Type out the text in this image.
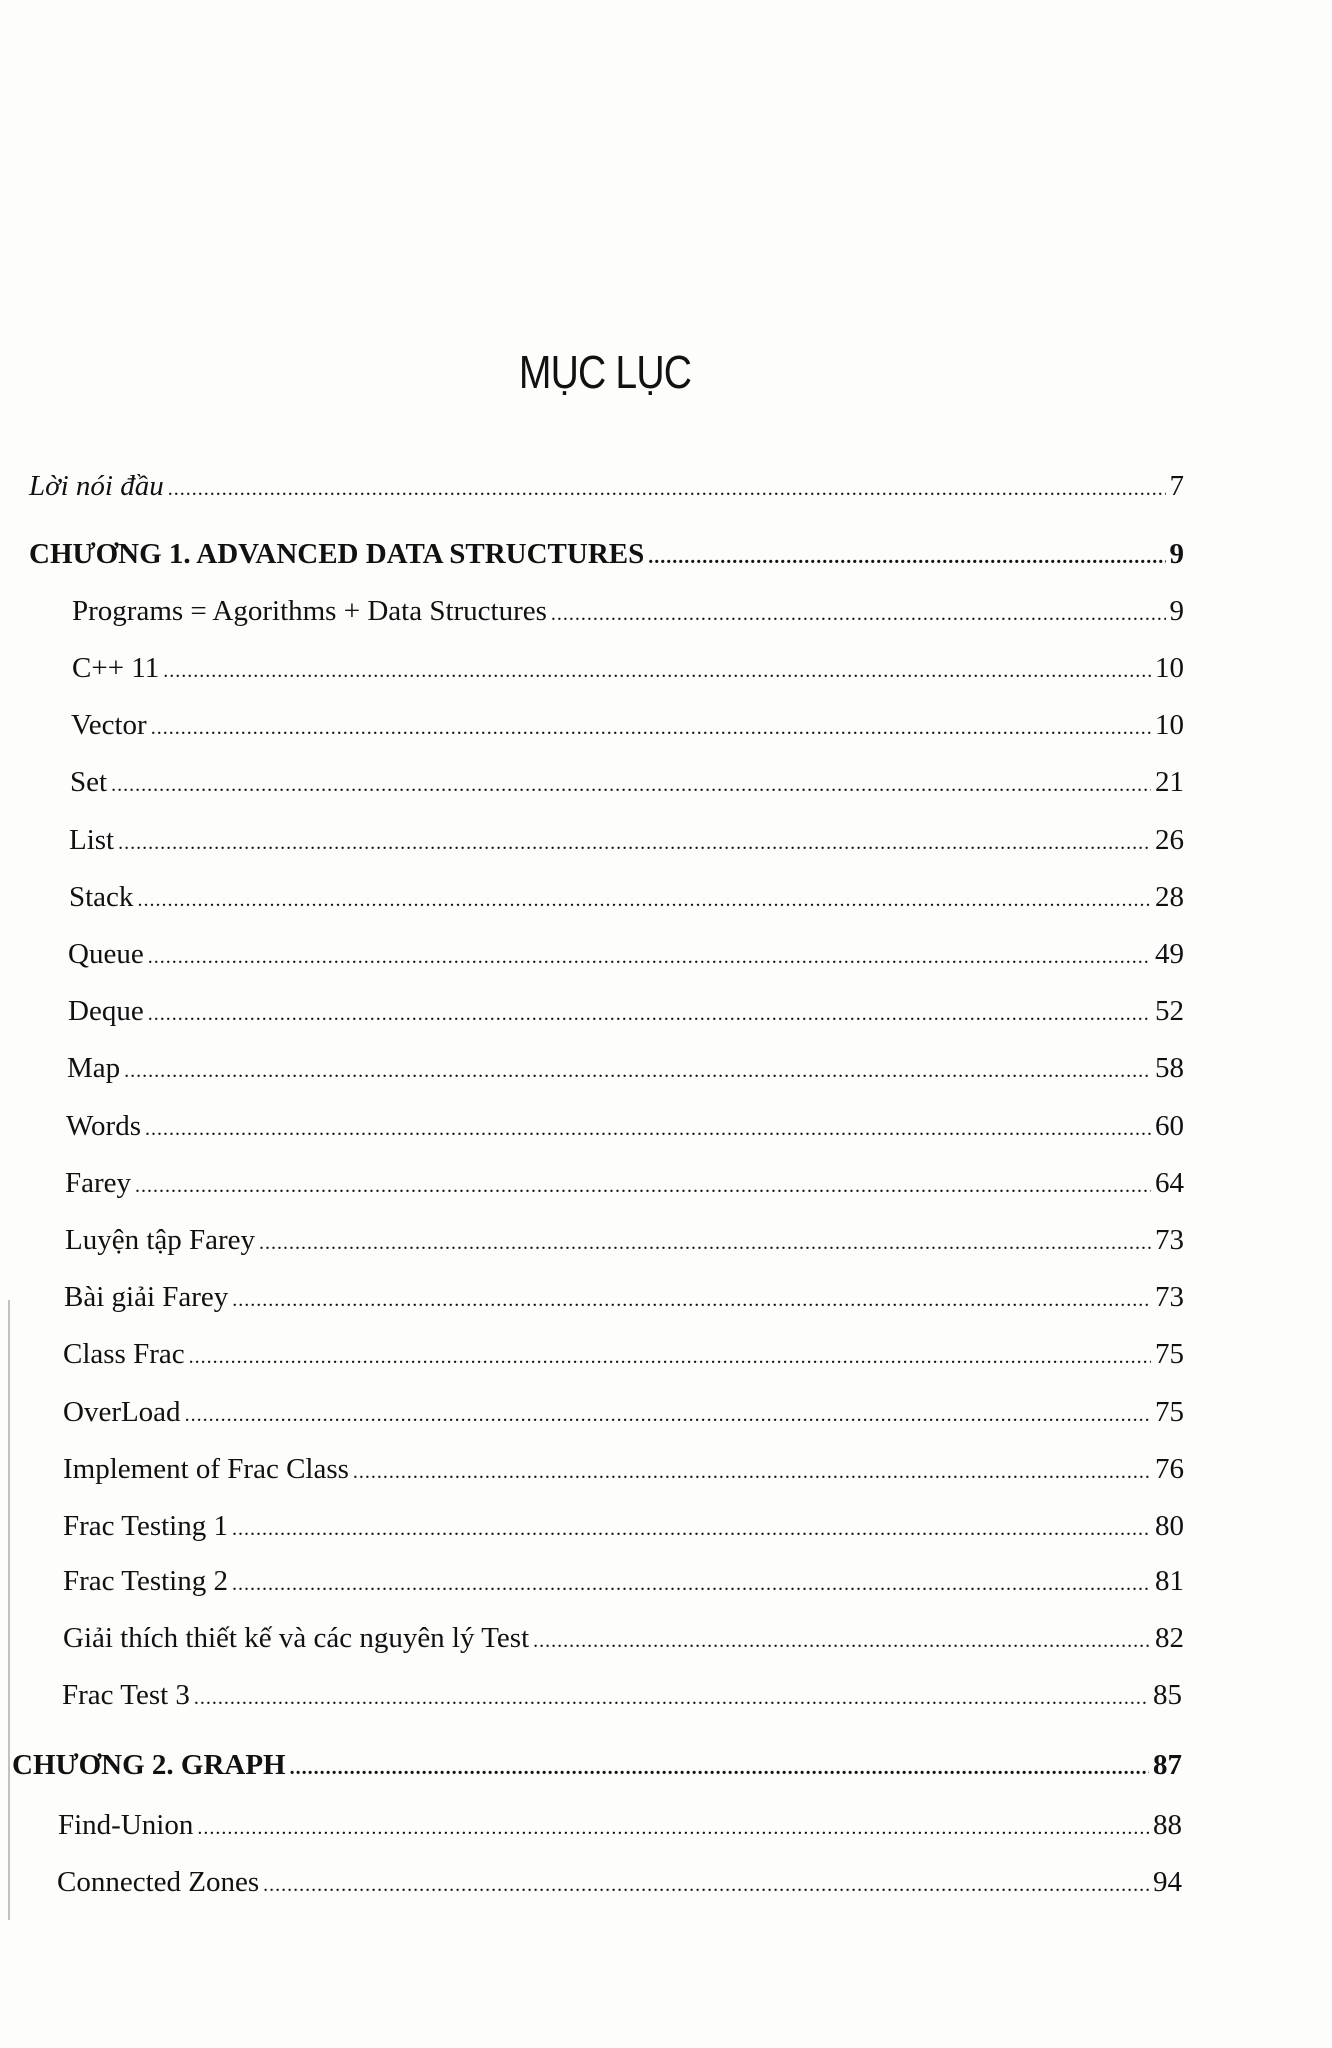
MỤC LỤC
Lời nói đầu .....	7
CHƯƠNG 1. ADVANCED DATA STRUCTURES .....	9
Programs = Agorithms + Data Structures .....	9
C++ 11 .....	10
Vector .....	10
Set .....	21
List .....	26
Stack .....	28
Queue .....	49
Deque .....	52
Map .....	58
Words .....	60
Farey .....	64
Luyện tập Farey .....	73
Bài giải Farey .....	73
Class Frac .....	75
OverLoad .....	75
Implement of Frac Class .....	76
Frac Testing 1 .....	80
Frac Testing 2 .....	81
Giải thích thiết kế và các nguyên lý Test .....	82
Frac Test 3 .....	85
CHƯƠNG 2. GRAPH .....	87
Find-Union .....	88
Connected Zones .....	94
